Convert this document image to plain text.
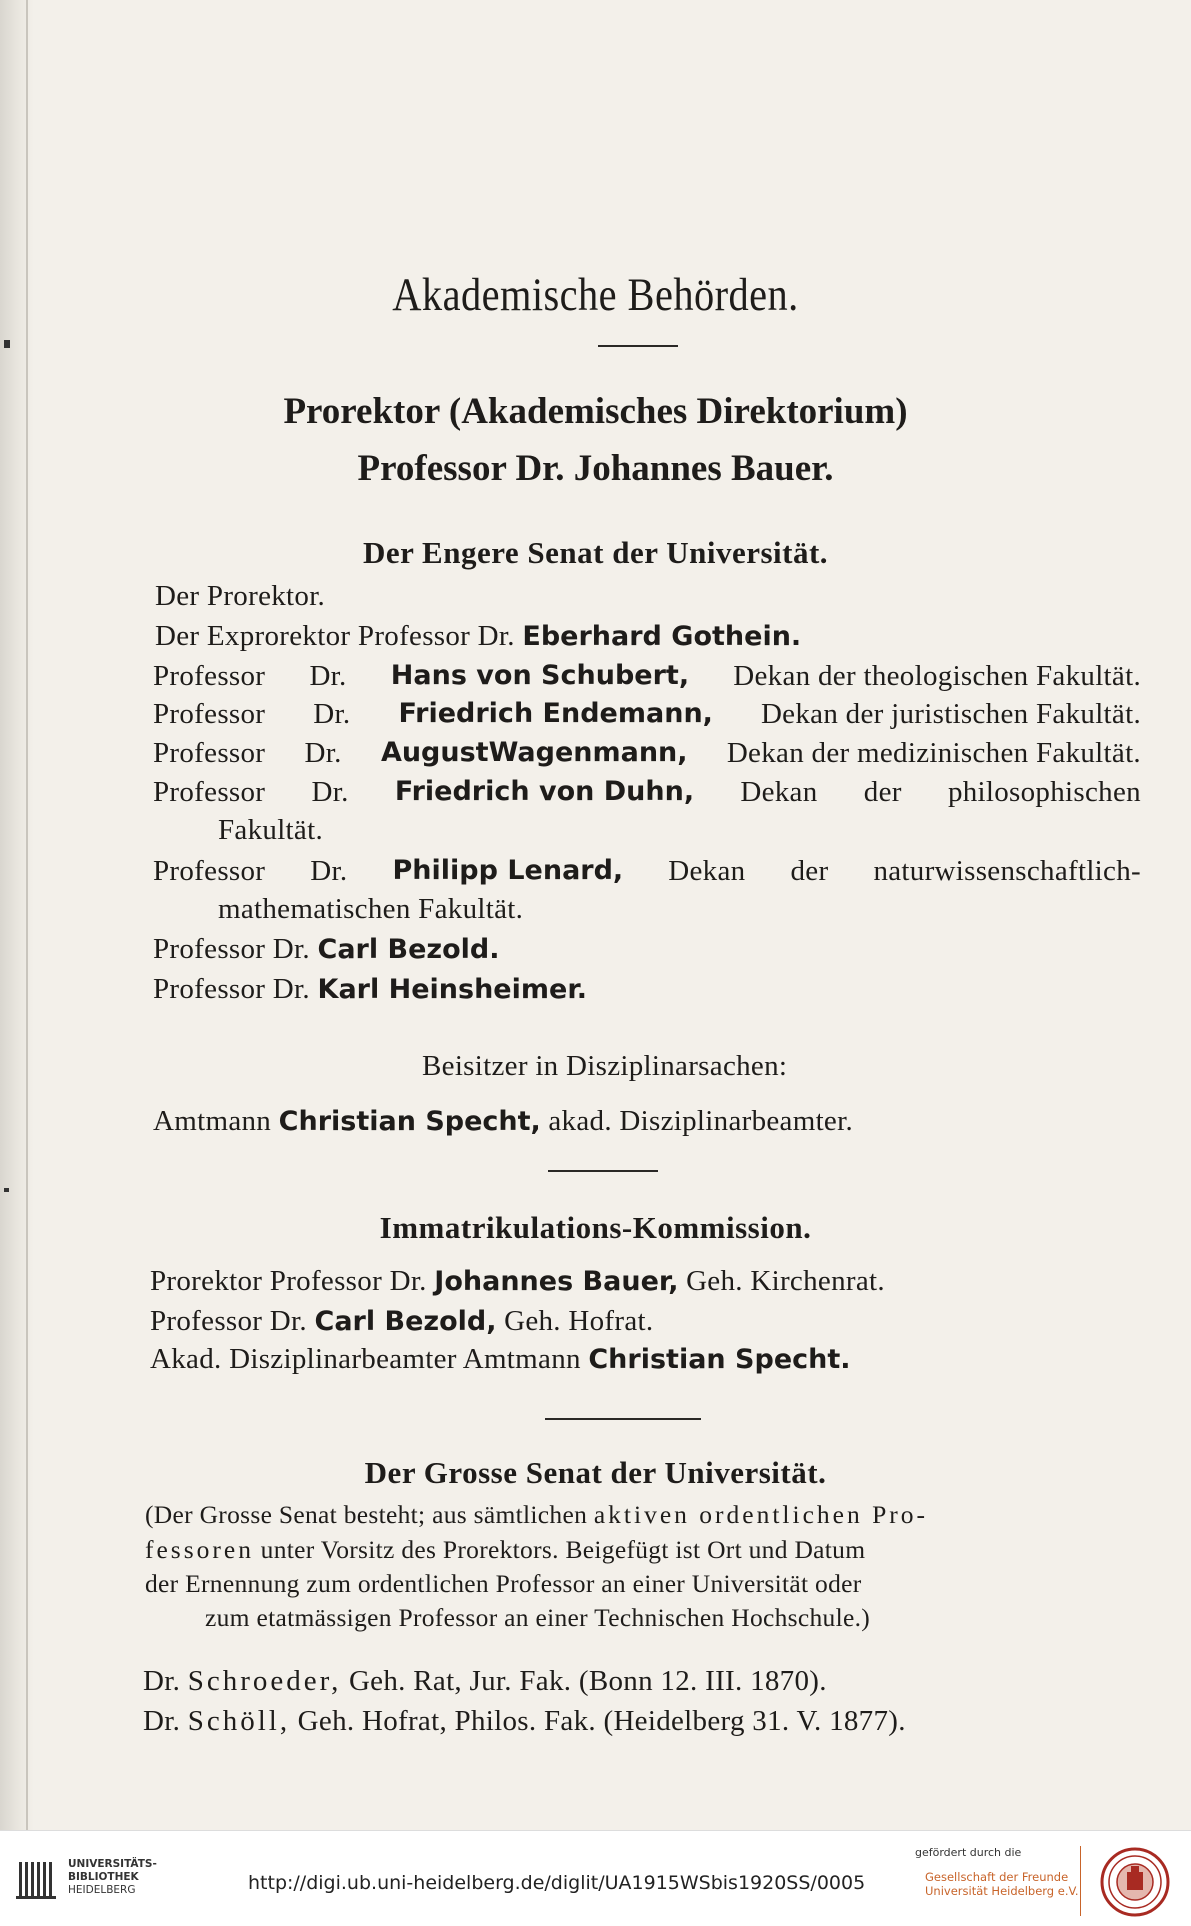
Akademische Behörden.

Prorektor (Akademisches Direktorium)

Professor Dr. Johannes Bauer.

Der Engere Senat der Universität.

Der Prorektor.

Der Exprorektor Professor Dr. Eberhard Gothein.

Professor Dr. Hans von Schubert, Dekan der theologischen Fakultät.
Professor Dr. Friedrich Endemann, Dekan der juristischen Fakultät.
Professor Dr. AugustWagenmann, Dekan der medizinischen Fakultät.
Professor Dr. Friedrich von Duhn, Dekan der philosophischen

Fakultät.

Professor Dr. Philipp Lenard, Dekan der naturwissenschaftlich-

mathematischen Fakultät.

Professor Dr. Carl Bezold.

Professor Dr. Karl Heinsheimer.

Beisitzer in Disziplinarsachen:

Amtmann Christian Specht, akad. Disziplinarbeamter.

Immatrikulations-Kommission.

Prorektor Professor Dr. Johannes Bauer, Geh. Kirchenrat.

Professor Dr. Carl Bezold, Geh. Hofrat.

Akad. Disziplinarbeamter Amtmann Christian Specht.

Der Grosse Senat der Universität.

(Der Grosse Senat besteht; aus sämtlichen aktiven ordentlichen Pro-

fessoren unter Vorsitz des Prorektors. Beigefügt ist Ort und Datum

der Ernennung zum ordentlichen Professor an einer Universität oder

zum etatmässigen Professor an einer Technischen Hochschule.)

Dr. Schroeder, Geh. Rat, Jur. Fak. (Bonn 12. III. 1870).

Dr. Schöll, Geh. Hofrat, Philos. Fak. (Heidelberg 31. V. 1877).

UNIVERSITÄTS-
BIBLIOTHEK
HEIDELBERG	http://digi.ub.uni-heidelberg.de/diglit/UA1915WSbis1920SS/0005
gefördert durch die
Gesellschaft der Freunde
Universität Heidelberg e.V.
